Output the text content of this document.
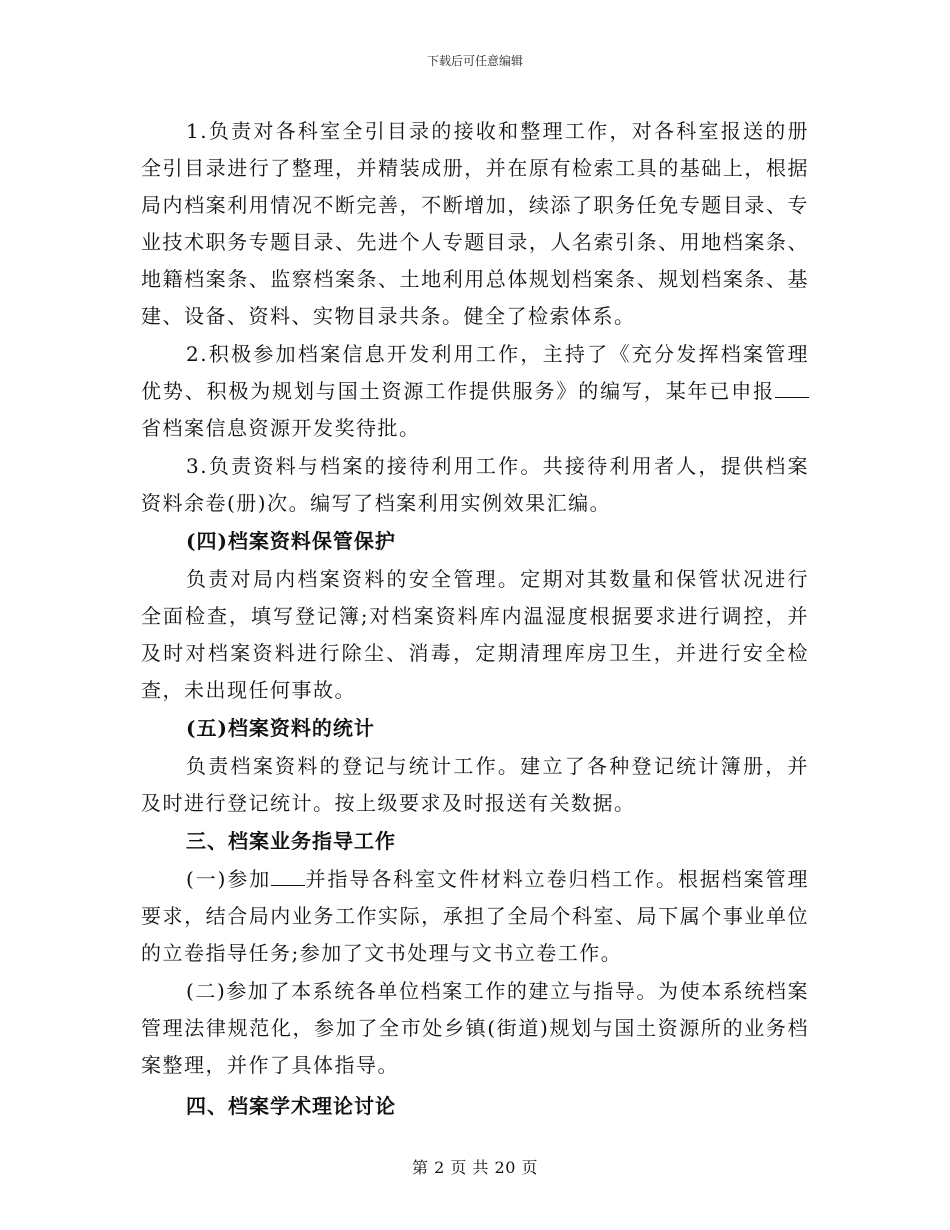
下载后可任意编辑

1.负责对各科室全引目录的接收和整理工作，对各科室报送的册全引目录进行了整理，并精装成册，并在原有检索工具的基础上，根据局内档案利用情况不断完善，不断增加，续添了职务任免专题目录、专业技术职务专题目录、先进个人专题目录，人名索引条、用地档案条、地籍档案条、监察档案条、土地利用总体规划档案条、规划档案条、基建、设备、资料、实物目录共条。健全了检索体系。

2.积极参加档案信息开发利用工作，主持了《充分发挥档案管理优势、积极为规划与国土资源工作提供服务》的编写，某年已申报省档案信息资源开发奖待批。

3.负责资料与档案的接待利用工作。共接待利用者人，提供档案资料余卷(册)次。编写了档案利用实例效果汇编。

(四)档案资料保管保护

负责对局内档案资料的安全管理。定期对其数量和保管状况进行全面检查，填写登记簿;对档案资料库内温湿度根据要求进行调控，并及时对档案资料进行除尘、消毒，定期清理库房卫生，并进行安全检查，未出现任何事故。

(五)档案资料的统计

负责档案资料的登记与统计工作。建立了各种登记统计簿册，并及时进行登记统计。按上级要求及时报送有关数据。

三、档案业务指导工作

(一)参加 并指导各科室文件材料立卷归档工作。根据档案管理要求，结合局内业务工作实际，承担了全局个科室、局下属个事业单位的立卷指导任务;参加了文书处理与文书立卷工作。

(二)参加了本系统各单位档案工作的建立与指导。为使本系统档案管理法律规范化，参加了全市处乡镇(街道)规划与国土资源所的业务档案整理，并作了具体指导。

四、档案学术理论讨论
第 2 页 共 20 页
